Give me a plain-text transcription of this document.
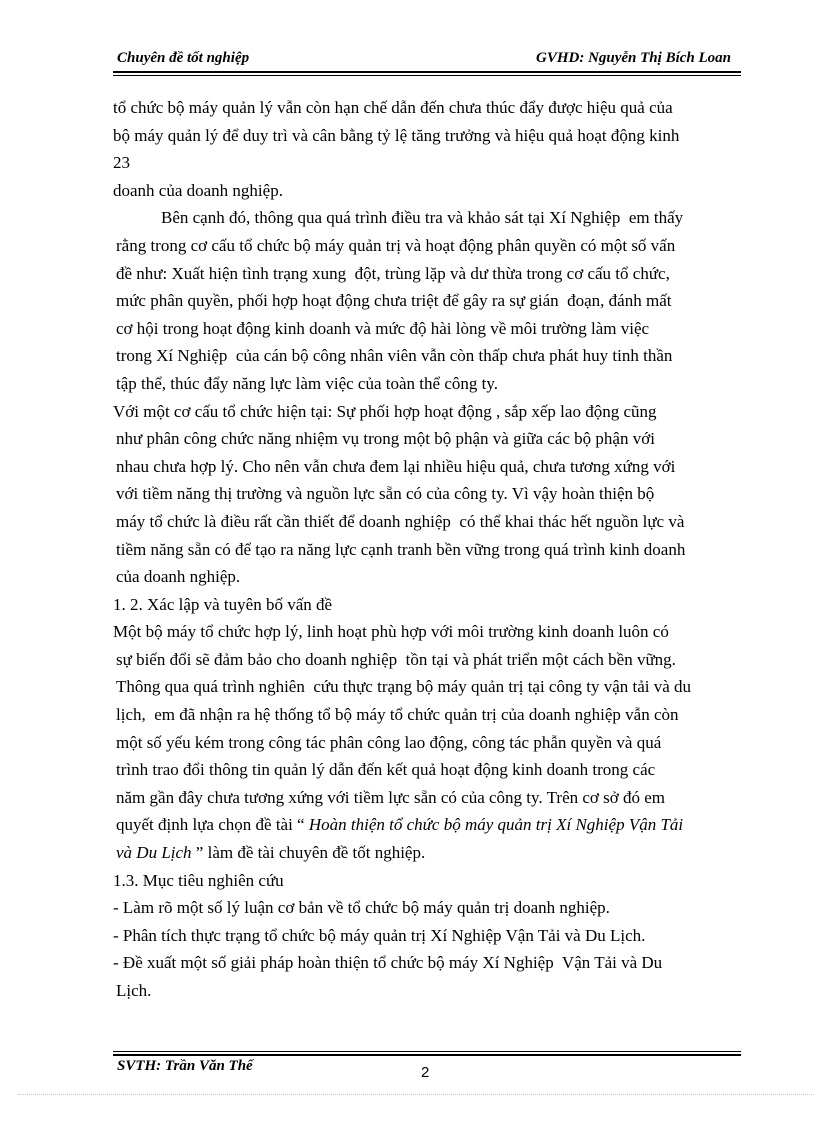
Chuyên đề tốt nghiệp	GVHD: Nguyễn Thị Bích Loan

tổ chức bộ máy quản lý vẫn còn hạn chế dẫn đến chưa thúc đẩy được hiệu quả của

bộ máy quản lý để duy trì và cân bằng tỷ lệ tăng trưởng và hiệu quả hoạt động kinh

23

doanh của doanh nghiệp.

Bên cạnh đó, thông qua quá trình điều tra và khảo sát tại Xí Nghiệp  em thấy

rằng trong cơ cấu tổ chức bộ máy quản trị và hoạt động phân quyền có một số vấn

đề như: Xuất hiện tình trạng xung  đột, trùng lặp và dư thừa trong cơ cấu tổ chức,

mức phân quyền, phối hợp hoạt động chưa triệt để gây ra sự gián  đoạn, đánh mất

cơ hội trong hoạt động kinh doanh và mức độ hài lòng về môi trường làm việc

trong Xí Nghiệp  của cán bộ công nhân viên vẫn còn thấp chưa phát huy tinh thần

tập thể, thúc đẩy năng lực làm việc của toàn thể công ty.

Với một cơ cấu tổ chức hiện tại: Sự phối hợp hoạt động , sắp xếp lao động cũng

như phân công chức năng nhiệm vụ trong một bộ phận và giữa các bộ phận với

nhau chưa hợp lý. Cho nên vẫn chưa đem lại nhiều hiệu quả, chưa tương xứng với

với tiềm năng thị trường và nguồn lực sẵn có của công ty. Vì vậy hoàn thiện bộ

máy tổ chức là điều rất cần thiết để doanh nghiệp  có thể khai thác hết nguồn lực và

tiềm năng sẵn có để tạo ra năng lực cạnh tranh bền vững trong quá trình kinh doanh

của doanh nghiệp.

1. 2. Xác lập và tuyên bố vấn đề

Một bộ máy tổ chức hợp lý, linh hoạt phù hợp với môi trường kinh doanh luôn có

sự biến đổi sẽ đảm bảo cho doanh nghiệp  tồn tại và phát triển một cách bền vững.

Thông qua quá trình nghiên  cứu thực trạng bộ máy quản trị tại công ty vận tải và du

lịch,  em đã nhận ra hệ thống tổ bộ máy tổ chức quản trị của doanh nghiệp vẫn còn

một số yếu kém trong công tác phân công lao động, công tác phẫn quyền và quá

trình trao đổi thông tin quản lý dẫn đến kết quả hoạt động kinh doanh trong các

năm gần đây chưa tương xứng với tiềm lực sẵn có của công ty. Trên cơ sở đó em

quyết định lựa chọn đề tài “ Hoàn thiện tổ chức bộ máy quản trị Xí Nghiệp Vận Tải

và Du Lịch ” làm đề tài chuyên đề tốt nghiệp.

1.3. Mục tiêu nghiên cứu

- Làm rõ một số lý luận cơ bản về tổ chức bộ máy quản trị doanh nghiệp.

- Phân tích thực trạng tổ chức bộ máy quản trị Xí Nghiệp Vận Tải và Du Lịch.

- Đề xuất một số giải pháp hoàn thiện tổ chức bộ máy Xí Nghiệp  Vận Tải và Du

Lịch.

SVTH: Trần Văn Thế	2
